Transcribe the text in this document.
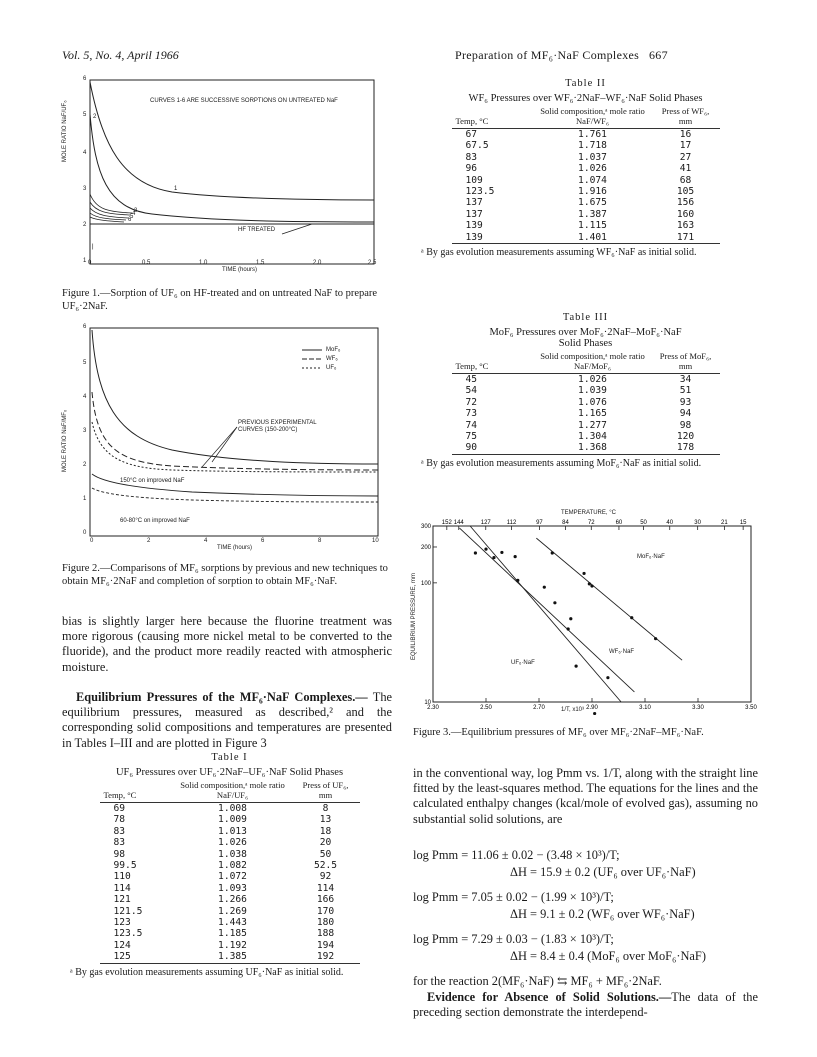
Vol. 5, No. 4, April 1966	Preparation of MF₆·NaF Complexes 667
|
CURVES 1-6 ARE SUCCESSIVE SORPTIONS ON UNTREATED NaF
HF TREATED
TIME (hours)
MOLE RATIO NaF/UF₆
6
5
4
3
2
1 0	0.5	1.0	1.5	2.0	2.5
1
2
3
4
5
6
Figure 1.—Sorption of UF₆ on HF-treated and on untreated NaF to prepare UF₆·2NaF.
MoF₆
WF₆
UF₆
PREVIOUS EXPERIMENTAL CURVES (150-200°C)
150°C on improved NaF
60-80°C on improved NaF
TIME (hours)
MOLE RATIO NaF/MF₆
6
5
4
3
2
1
0
0	2	4	6	8	10
Figure 2.—Comparisons of MF₆ sorptions by previous and new techniques to obtain MF₆·2NaF and completion of sorption to obtain MF₆·NaF.
bias is slightly larger here because the fluorine treatment was more rigorous (causing more nickel metal to be converted to the fluoride), and the product more readily reacted with atmospheric moisture.
Equilibrium Pressures of the MF₆·NaF Complexes.— The equilibrium pressures, measured as described,² and the corresponding solid compositions and temperatures are presented in Tables I–III and are plotted in Figure 3
Table I
UF₆ Pressures over UF₆·2NaF–UF₆·NaF Solid Phases
Temp, °C	Solid composition,ᵃ mole ratio NaF/UF₆	Press of UF₆, mm
69	1.008	8
78	1.009	13
83	1.013	18
83	1.026	20
98	1.038	50
99.5	1.082	52.5
110	1.072	92
114	1.093	114
121	1.266	166
121.5	1.269	170
123	1.443	180
123.5	1.185	188
124	1.192	194
125	1.385	192
ᵃ By gas evolution measurements assuming UF₆·NaF as initial solid.
Table II
WF₆ Pressures over WF₆·2NaF–WF₆·NaF Solid Phases
Temp, °C	Solid composition,ᵃ mole ratio NaF/WF₆	Press of WF₆, mm
67	1.761	16
67.5	1.718	17
83	1.037	27
96	1.026	41
109	1.074	68
123.5	1.916	105
137	1.675	156
137	1.387	160
139	1.115	163
139	1.401	171
ᵃ By gas evolution measurements assuming WF₆·NaF as initial solid.
Table III
MoF₆ Pressures over MoF₆·2NaF–MoF₆·NaF
Solid Phases
Temp, °C	Solid composition,ᵃ mole ratio NaF/MoF₆	Press of MoF₆, mm
45	1.026	34
54	1.039	51
72	1.076	93
73	1.165	94
74	1.277	98
75	1.304	120
90	1.368	178
ᵃ By gas evolution measurements assuming MoF₆·NaF as initial solid.
2.30	2.50	2.70	2.90	3.10	3.30	3.50
300
200
100
10
152 144	127	112	97	84	72	60	50	40	30	21 15
TEMPERATURE, °C
1/T, x10³
EQUILIBRIUM PRESSURE, mm
MoF₆·NaF
WF₆·NaF
UF₆·NaF
Figure 3.—Equilibrium pressures of MF₆ over MF₆·2NaF–MF₆·NaF.
in the conventional way, log Pmm vs. 1/T, along with the straight line fitted by the least-squares method. The equations for the lines and the calculated enthalpy changes (kcal/mole of evolved gas), assuming no substantial solid solutions, are
log Pmm = 11.06 ± 0.02 − (3.48 × 10³)/T;
ΔH = 15.9 ± 0.2 (UF₆ over UF₆·NaF)
log Pmm = 7.05 ± 0.02 − (1.99 × 10³)/T;
ΔH = 9.1 ± 0.2 (WF₆ over WF₆·NaF)
log Pmm = 7.29 ± 0.03 − (1.83 × 10³)/T;
ΔH = 8.4 ± 0.4 (MoF₆ over MoF₆·NaF)
for the reaction 2(MF₆·NaF) ⇆ MF₆ + MF₆·2NaF.
Evidence for Absence of Solid Solutions.—The data of the preceding section demonstrate the interdepend-
